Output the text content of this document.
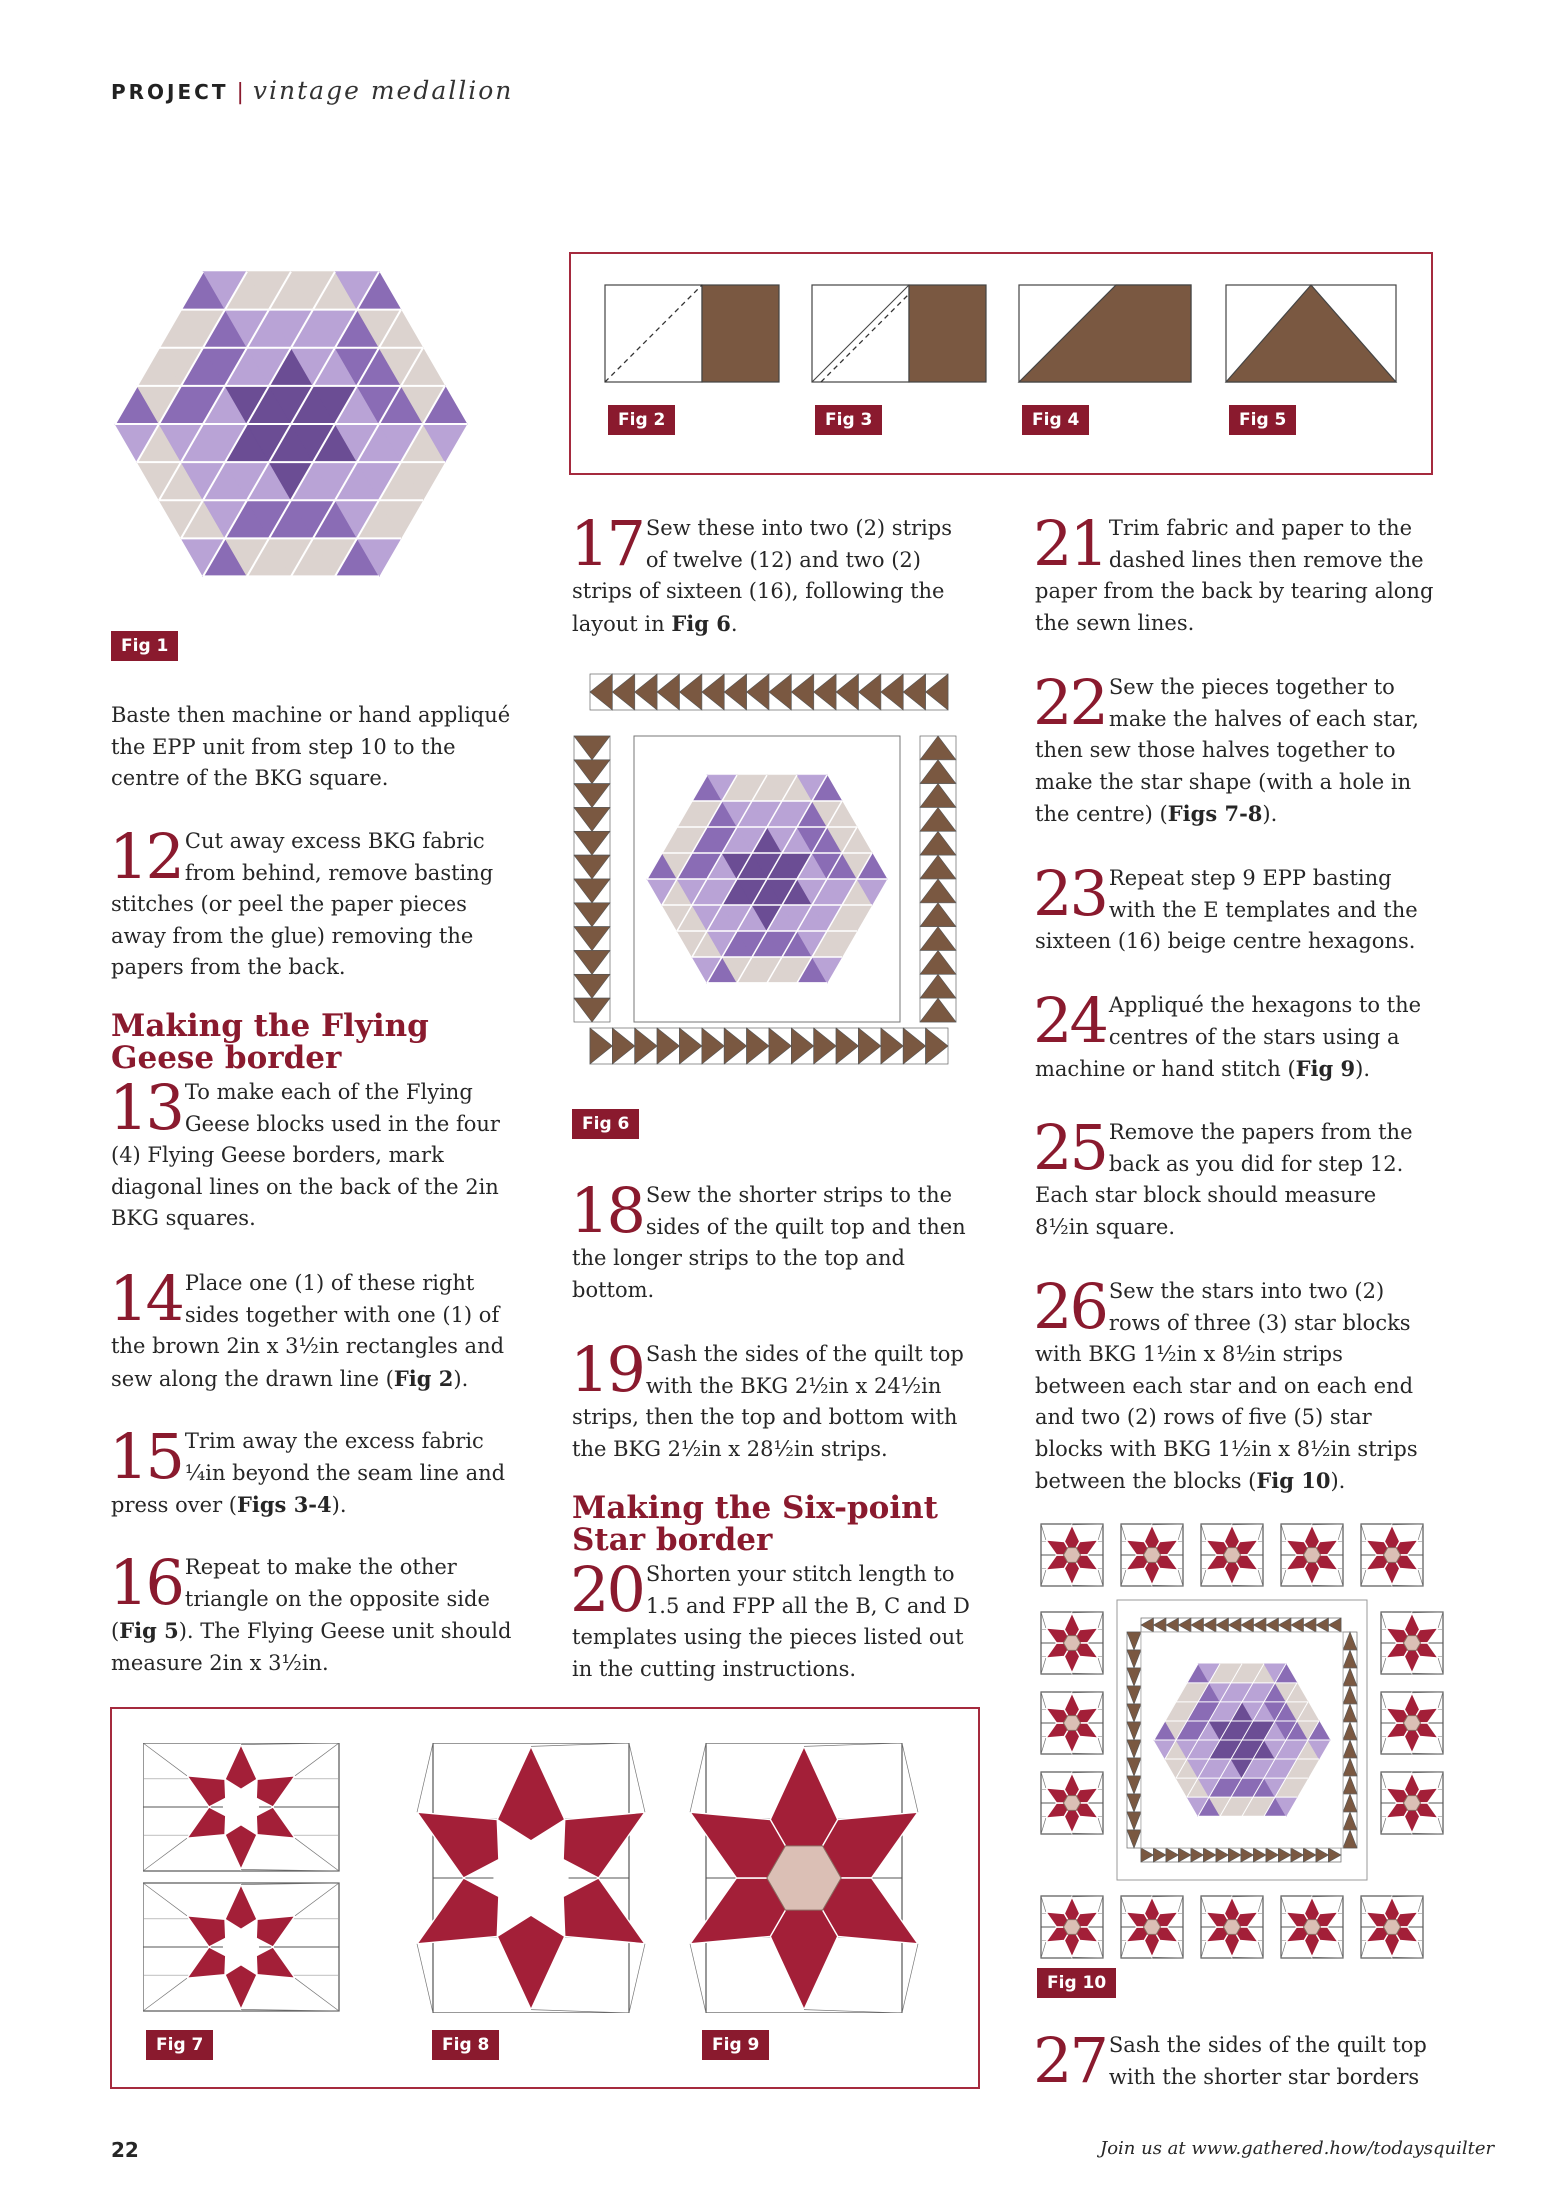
PROJECT | vintage medallion
Fig 1
Baste then machine or hand appliqué the EPP unit from step 10 to the centre of the BKG square.
12 Cut away excess BKG fabric from behind, remove basting stitches (or peel the paper pieces away from the glue) removing the papers from the back.
Making the Flying Geese border
13 To make each of the Flying Geese blocks used in the four (4) Flying Geese borders, mark diagonal lines on the back of the 2in BKG squares.
14 Place one (1) of these right sides together with one (1) of the brown 2in x 3½in rectangles and sew along the drawn line (Fig 2).
15 Trim away the excess fabric ¼in beyond the seam line and press over (Figs 3-4).
16 Repeat to make the other triangle on the opposite side (Fig 5). The Flying Geese unit should measure 2in x 3½in.
Fig 2	Fig 3	Fig 4	Fig 5
17 Sew these into two (2) strips of twelve (12) and two (2) strips of sixteen (16), following the layout in Fig 6.
Fig 6
18 Sew the shorter strips to the sides of the quilt top and then the longer strips to the top and bottom.
19 Sash the sides of the quilt top with the BKG 2½in x 24½in strips, then the top and bottom with the BKG 2½in x 28½in strips.
Making the Six-point Star border
20 Shorten your stitch length to 1.5 and FPP all the B, C and D templates using the pieces listed out in the cutting instructions.
21 Trim fabric and paper to the dashed lines then remove the paper from the back by tearing along the sewn lines.
22 Sew the pieces together to make the halves of each star, then sew those halves together to make the star shape (with a hole in the centre) (Figs 7-8).
23 Repeat step 9 EPP basting with the E templates and the sixteen (16) beige centre hexagons.
24 Appliqué the hexagons to the centres of the stars using a machine or hand stitch (Fig 9).
25 Remove the papers from the back as you did for step 12. Each star block should measure 8½in square.
26 Sew the stars into two (2) rows of three (3) star blocks with BKG 1½in x 8½in strips between each star and on each end and two (2) rows of five (5) star blocks with BKG 1½in x 8½in strips between the blocks (Fig 10).
Fig 10
27 Sash the sides of the quilt top with the shorter star borders
Fig 7	Fig 8	Fig 9
22	Join us at www.gathered.how/todaysquilter
